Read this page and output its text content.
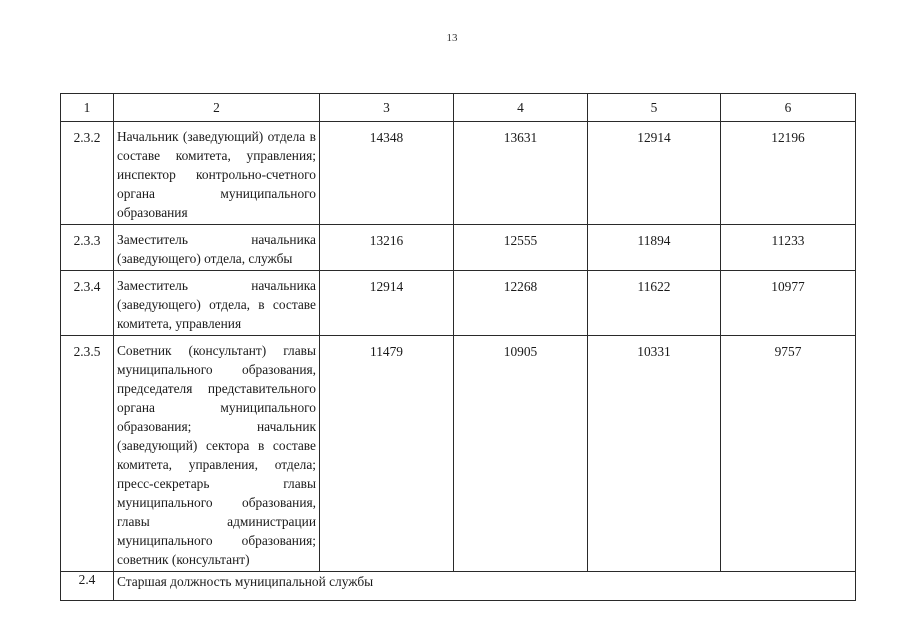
13
1	2	3	4	5	6
2.3.2	Начальник (заведующий) отдела в составе комитета, управления; инспектор контрольно-счетного органа муниципального образования	14348	13631	12914	12196
2.3.3	Заместитель начальника (заведующего) отдела, службы	13216	12555	11894	11233
2.3.4	Заместитель начальника (заведующего) отдела, в составе комитета, управления	12914	12268	11622	10977
2.3.5	Советник (консультант) главы муниципального образования, председателя представительного органа муниципального образования; начальник (заведующий) сектора в составе комитета, управления, отдела; пресс-секретарь главы муниципального образования, главы администрации муниципального образования; советник (консультант)	11479	10905	10331	9757
2.4	Старшая должность муниципальной службы				
